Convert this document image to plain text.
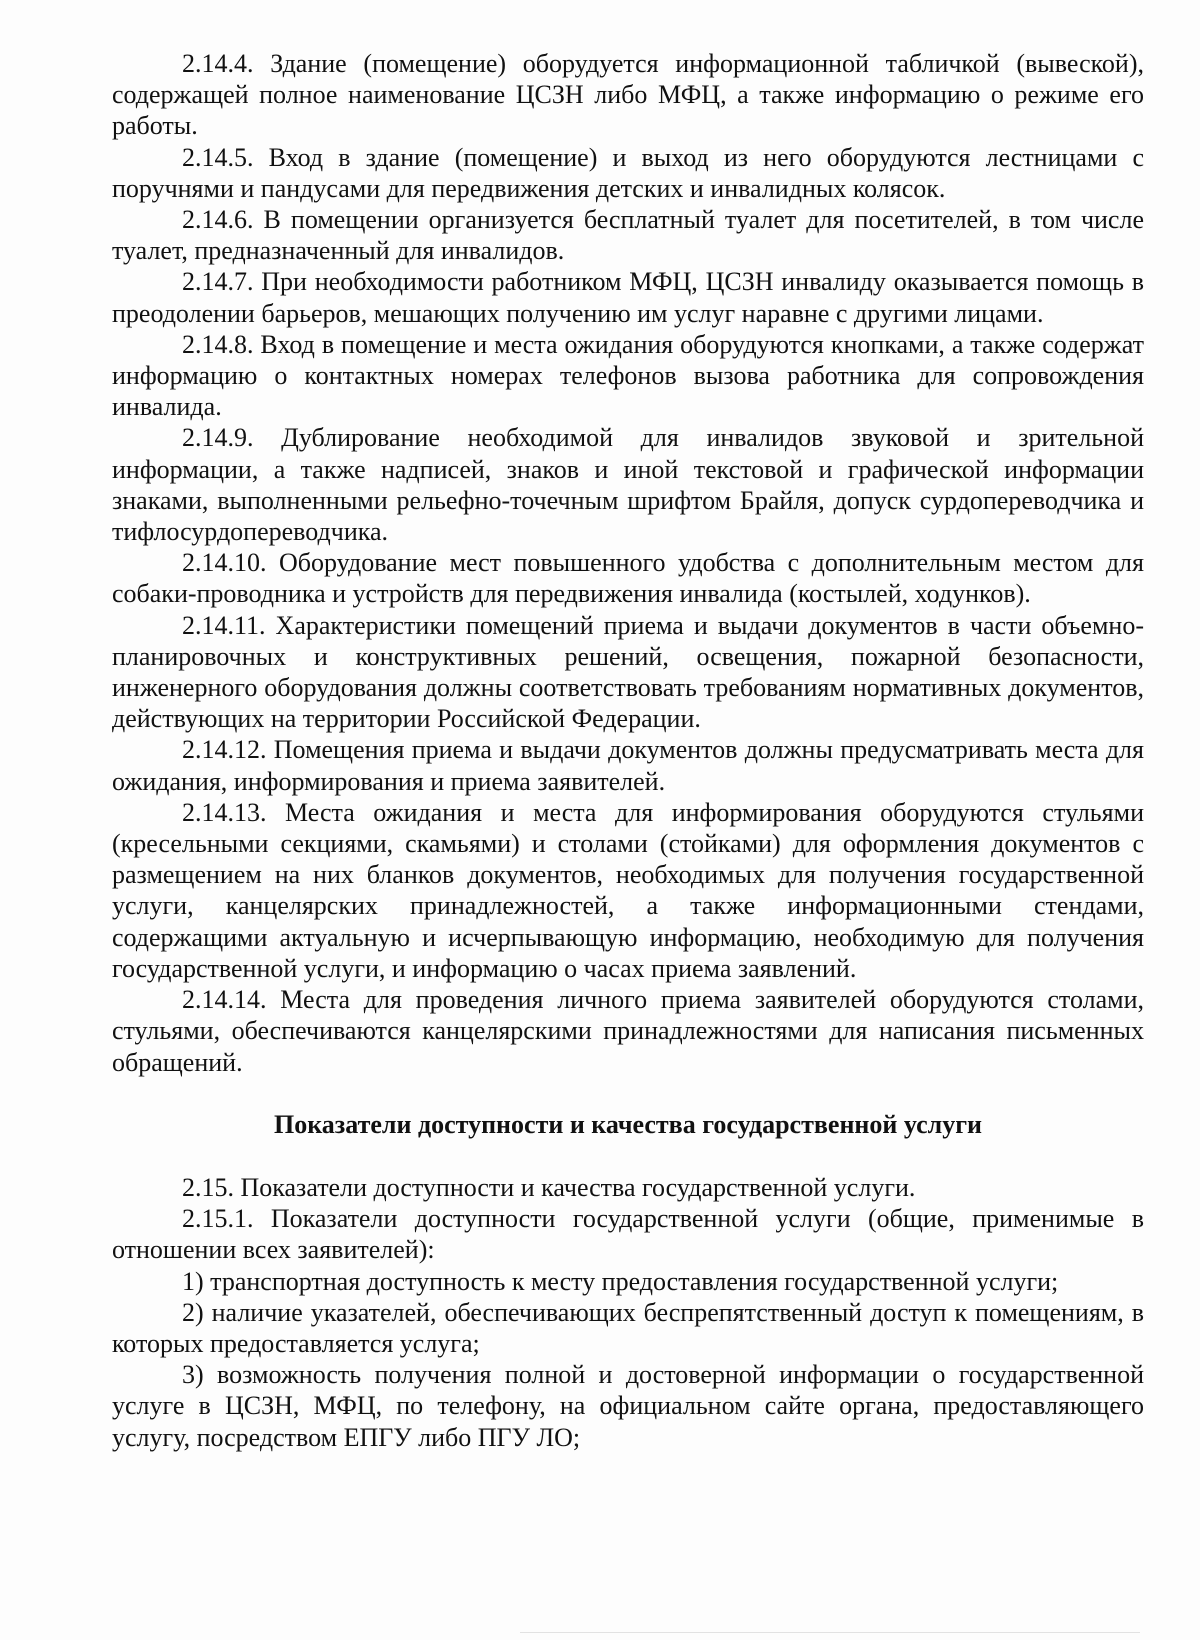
2.14.4. Здание (помещение) оборудуется информационной табличкой (вывеской), содержащей полное наименование ЦСЗН либо МФЦ, а также информацию о режиме его работы.

2.14.5. Вход в здание (помещение) и выход из него оборудуются лестницами с поручнями и пандусами для передвижения детских и инвалидных колясок.

2.14.6. В помещении организуется бесплатный туалет для посетителей, в том числе туалет, предназначенный для инвалидов.

2.14.7. При необходимости работником МФЦ, ЦСЗН инвалиду оказывается помощь в преодолении барьеров, мешающих получению им услуг наравне с другими лицами.

2.14.8. Вход в помещение и места ожидания оборудуются кнопками, а также содержат информацию о контактных номерах телефонов вызова работника для сопровождения инвалида.

2.14.9. Дублирование необходимой для инвалидов звуковой и зрительной информации, а также надписей, знаков и иной текстовой и графической информации знаками, выполненными рельефно-точечным шрифтом Брайля, допуск сурдопереводчика и тифлосурдопереводчика.

2.14.10. Оборудование мест повышенного удобства с дополнительным местом для собаки-проводника и устройств для передвижения инвалида (костылей, ходунков).

2.14.11. Характеристики помещений приема и выдачи документов в части объемно-планировочных и конструктивных решений, освещения, пожарной безопасности, инженерного оборудования должны соответствовать требованиям нормативных документов, действующих на территории Российской Федерации.

2.14.12. Помещения приема и выдачи документов должны предусматривать места для ожидания, информирования и приема заявителей.

2.14.13. Места ожидания и места для информирования оборудуются стульями (кресельными секциями, скамьями) и столами (стойками) для оформления документов с размещением на них бланков документов, необходимых для получения государственной услуги, канцелярских принадлежностей, а также информационными стендами, содержащими актуальную и исчерпывающую информацию, необходимую для получения государственной услуги, и информацию о часах приема заявлений.

2.14.14. Места для проведения личного приема заявителей оборудуются столами, стульями, обеспечиваются канцелярскими принадлежностями для написания письменных обращений.

Показатели доступности и качества государственной услуги

2.15. Показатели доступности и качества государственной услуги.

2.15.1. Показатели доступности государственной услуги (общие, применимые в отношении всех заявителей):

1) транспортная доступность к месту предоставления государственной услуги;

2) наличие указателей, обеспечивающих беспрепятственный доступ к помещениям, в которых предоставляется услуга;

3) возможность получения полной и достоверной информации о государственной услуге в ЦСЗН, МФЦ, по телефону, на официальном сайте органа, предоставляющего услугу, посредством ЕПГУ либо ПГУ ЛО;
